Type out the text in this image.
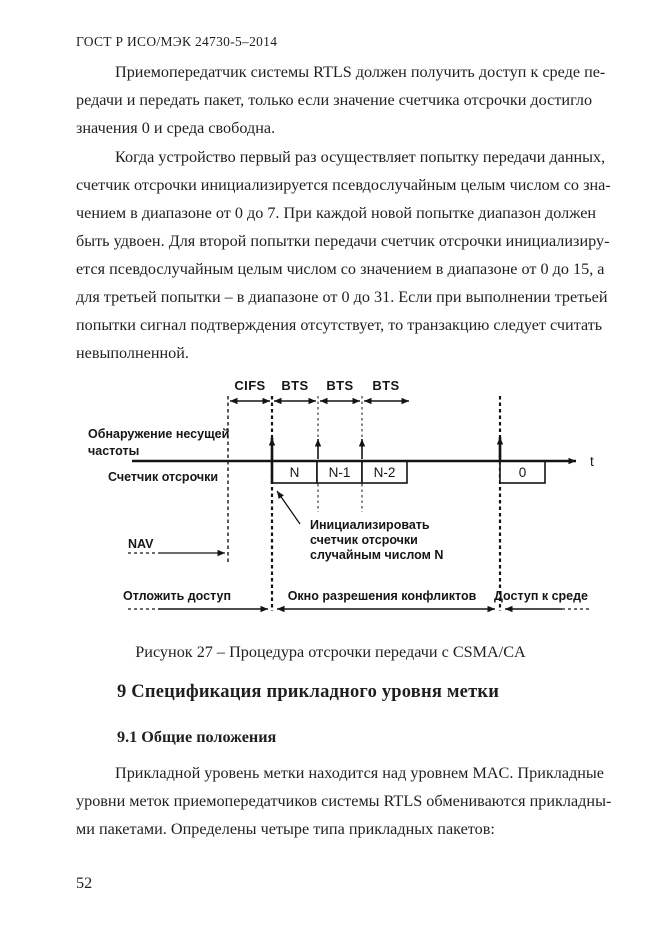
ГОСТ Р ИСО/МЭК 24730-5–2014
Приемопередатчик системы RTLS должен получить доступ к среде пе-
редачи и передать пакет, только если значение счетчика отсрочки достигло
значения 0 и среда свободна.
Когда устройство первый раз осуществляет попытку передачи данных,
счетчик отсрочки инициализируется псевдослучайным целым числом со зна-
чением в диапазоне от 0 до 7. При каждой новой попытке диапазон должен
быть удвоен. Для второй попытки передачи счетчик отсрочки инициализиру-
ется псевдослучайным целым числом со значением в диапазоне от 0 до 15, а
для третьей попытки – в диапазоне от 0 до 31. Если при выполнении третьей
попытки сигнал подтверждения отсутствует, то транзакцию следует считать
невыполненной.
CIFS BTS BTS BTS
t
N N-1 N-2	0
Обнаружение несущей
частоты
Счетчик отсрочки
NAV
Инициализировать
счетчик отсрочки
случайным числом N
Отложить доступ	Окно разрешения конфликтов Доступ к среде
Рисунок 27 – Процедура отсрочки передачи с CSMA/CA
9 Спецификация прикладного уровня метки
9.1 Общие положения
Прикладной уровень метки находится над уровнем MAC. Прикладные
уровни меток приемопередатчиков системы RTLS обмениваются прикладны-
ми пакетами. Определены четыре типа прикладных пакетов:
52
